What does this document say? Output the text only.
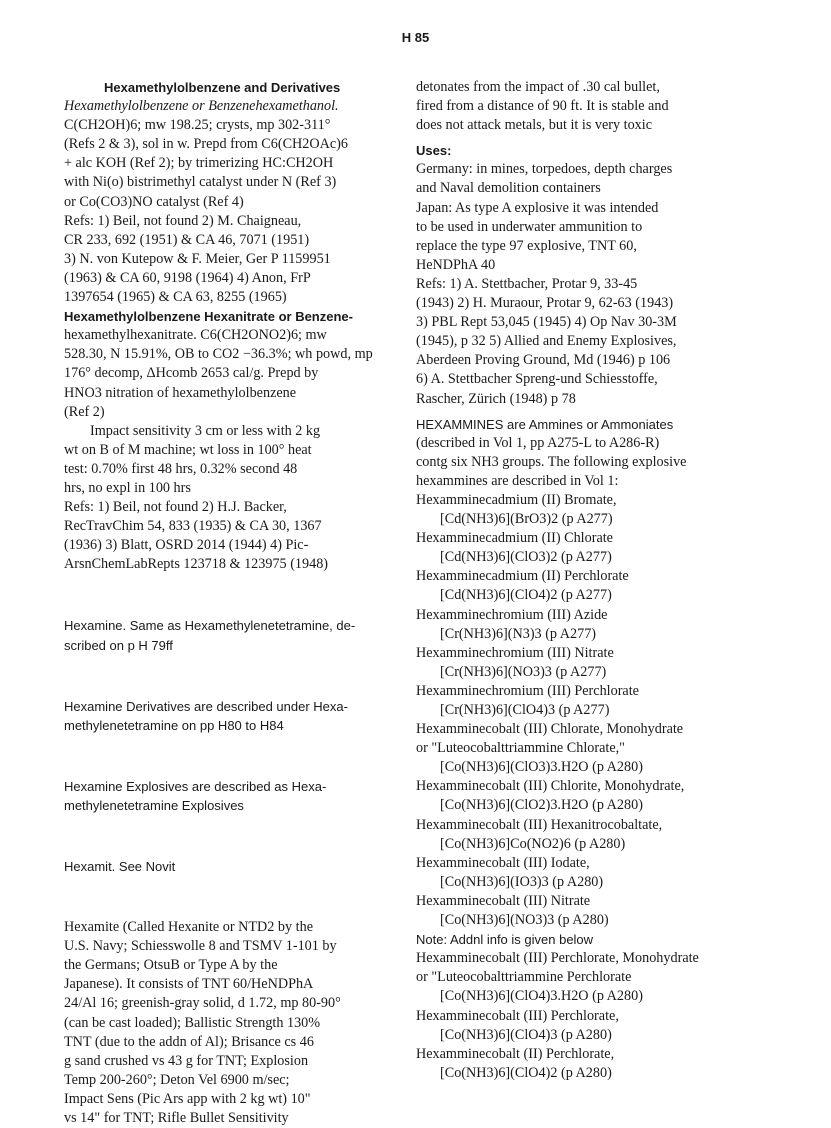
H 85
Hexamethylolbenzene and Derivatives
Hexamethylolbenzene or Benzenehexamethanol.
C(CH2OH)6; mw 198.25; crysts, mp 302-311°
(Refs 2 & 3), sol in w. Prepd from C6(CH2OAc)6
+ alc KOH (Ref 2); by trimerizing HC:CH2OH
with Ni(o) bistrimethyl catalyst under N (Ref 3)
or Co(CO3)NO catalyst (Ref 4)
Refs: 1) Beil, not found 2) M. Chaigneau,
CR 233, 692 (1951) & CA 46, 7071 (1951)
3) N. von Kutepow & F. Meier, Ger P 1159951
(1963) & CA 60, 9198 (1964) 4) Anon, FrP
1397654 (1965) & CA 63, 8255 (1965)
Hexamethylolbenzene Hexanitrate or Benzene-
hexamethylhexanitrate. C6(CH2ONO2)6; mw
528.30, N 15.91%, OB to CO2 −36.3%; wh powd, mp
176° decomp, ΔHcomb 2653 cal/g. Prepd by
HNO3 nitration of hexamethylolbenzene
(Ref 2)
Impact sensitivity 3 cm or less with 2 kg
wt on B of M machine; wt loss in 100° heat
test: 0.70% first 48 hrs, 0.32% second 48
hrs, no expl in 100 hrs
Refs: 1) Beil, not found 2) H.J. Backer,
RecTravChim 54, 833 (1935) & CA 30, 1367
(1936) 3) Blatt, OSRD 2014 (1944) 4) Pic-
ArsnChemLabRepts 123718 & 123975 (1948)
Hexamine. Same as Hexamethylenetetramine, de-
scribed on p H 79ff
Hexamine Derivatives are described under Hexa-
methylenetetramine on pp H80 to H84
Hexamine Explosives are described as Hexa-
methylenetetramine Explosives
Hexamit. See Novit
Hexamite (Called Hexanite or NTD2 by the
U.S. Navy; Schiesswolle 8 and TSMV 1-101 by
the Germans; OtsuB or Type A by the
Japanese). It consists of TNT 60/HeNDPhA
24/Al 16; greenish-gray solid, d 1.72, mp 80-90°
(can be cast loaded); Ballistic Strength 130%
TNT (due to the addn of Al); Brisance cs 46
g sand crushed vs 43 g for TNT; Explosion
Temp 200-260°; Deton Vel 6900 m/sec;
Impact Sens (Pic Ars app with 2 kg wt) 10"
vs 14" for TNT; Rifle Bullet Sensitivity
detonates from the impact of .30 cal bullet,
fired from a distance of 90 ft. It is stable and
does not attack metals, but it is very toxic
Uses:
Germany: in mines, torpedoes, depth charges
and Naval demolition containers
Japan: As type A explosive it was intended
to be used in underwater ammunition to
replace the type 97 explosive, TNT 60,
HeNDPhA 40
Refs: 1) A. Stettbacher, Protar 9, 33-45
(1943) 2) H. Muraour, Protar 9, 62-63 (1943)
3) PBL Rept 53,045 (1945) 4) Op Nav 30-3M
(1945), p 32 5) Allied and Enemy Explosives,
Aberdeen Proving Ground, Md (1946) p 106
6) A. Stettbacher Spreng-und Schiesstoffe,
Rascher, Zürich (1948) p 78
HEXAMMINES are Ammines or Ammoniates
(described in Vol 1, pp A275-L to A286-R)
contg six NH3 groups. The following explosive
hexammines are described in Vol 1:
Hexamminecadmium (II) Bromate,
[Cd(NH3)6](BrO3)2 (p A277)
Hexamminecadmium (II) Chlorate
[Cd(NH3)6](ClO3)2 (p A277)
Hexamminecadmium (II) Perchlorate
[Cd(NH3)6](ClO4)2 (p A277)
Hexamminechromium (III) Azide
[Cr(NH3)6](N3)3 (p A277)
Hexamminechromium (III) Nitrate
[Cr(NH3)6](NO3)3 (p A277)
Hexamminechromium (III) Perchlorate
[Cr(NH3)6](ClO4)3 (p A277)
Hexamminecobalt (III) Chlorate, Monohydrate
or "Luteocobalttriammine Chlorate,"
[Co(NH3)6](ClO3)3.H2O (p A280)
Hexamminecobalt (III) Chlorite, Monohydrate,
[Co(NH3)6](ClO2)3.H2O (p A280)
Hexamminecobalt (III) Hexanitrocobaltate,
[Co(NH3)6]Co(NO2)6 (p A280)
Hexamminecobalt (III) Iodate,
[Co(NH3)6](IO3)3 (p A280)
Hexamminecobalt (III) Nitrate
[Co(NH3)6](NO3)3 (p A280)
Note: Addnl info is given below
Hexamminecobalt (III) Perchlorate, Monohydrate
or "Luteocobalttriammine Perchlorate
[Co(NH3)6](ClO4)3.H2O (p A280)
Hexamminecobalt (III) Perchlorate,
[Co(NH3)6](ClO4)3 (p A280)
Hexamminecobalt (II) Perchlorate,
[Co(NH3)6](ClO4)2 (p A280)
